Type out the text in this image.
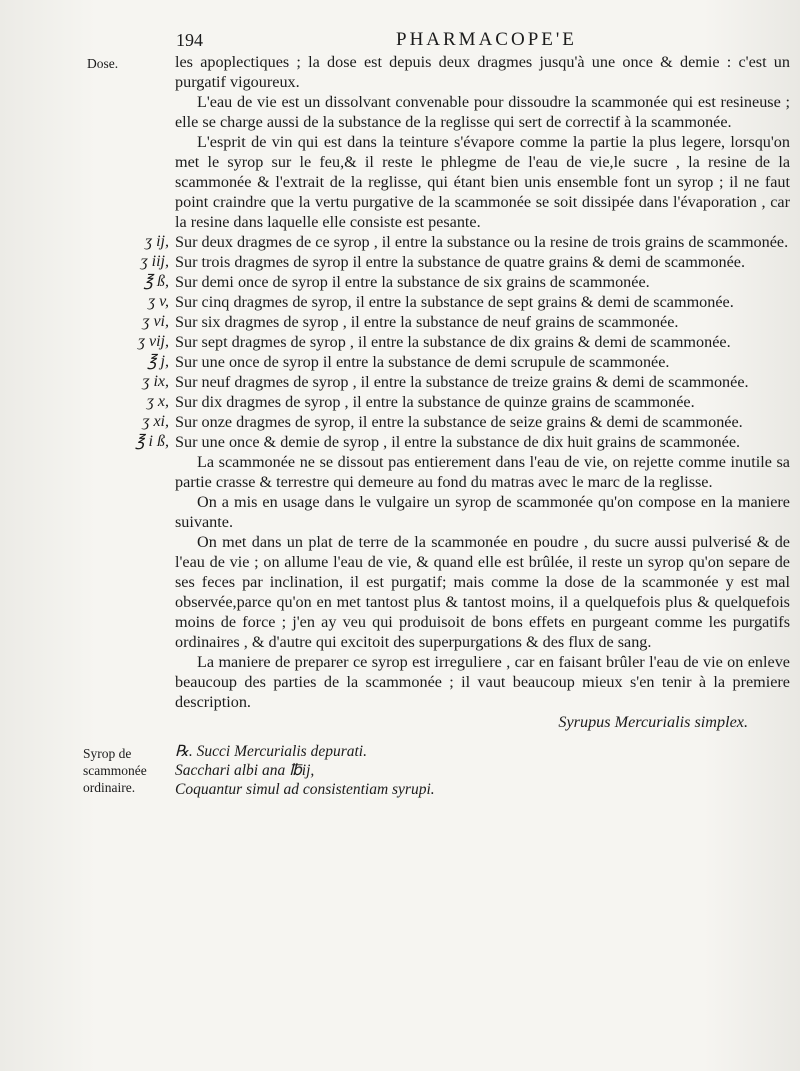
194	PHARMACOPE'E
Dose.
Syrop de scammonée ordinaire.

les apoplectiques ; la dose est depuis deux dragmes jusqu'à une once & demie : c'est un purgatif vigoureux.

L'eau de vie est un dissolvant convenable pour dissoudre la scammonée qui est resineuse ; elle se charge aussi de la substance de la reglisse qui sert de correctif à la scammonée.

L'esprit de vin qui est dans la teinture s'évapore comme la partie la plus legere, lorsqu'on met le syrop sur le feu,& il reste le phlegme de l'eau de vie,le sucre , la resine de la scammonée & l'extrait de la reglisse, qui étant bien unis ensemble font un syrop ; il ne faut point craindre que la vertu purgative de la scammonée se soit dissipée dans l'évaporation , car la resine dans laquelle elle consiste est pesante.

ʒ ij, Sur deux dragmes de ce syrop , il entre la substance ou la resine de trois grains de scammonée.

ʒ iij, Sur trois dragmes de syrop il entre la substance de quatre grains & demi de scammonée.

℥ ß, Sur demi once de syrop il entre la substance de six grains de scammonée.

ʒ v, Sur cinq dragmes de syrop, il entre la substance de sept grains & demi de scammonée.

ʒ vi, Sur six dragmes de syrop , il entre la substance de neuf grains de scammonée.

ʒ vij, Sur sept dragmes de syrop , il entre la substance de dix grains & demi de scammonée.

℥ j, Sur une once de syrop il entre la substance de demi scrupule de scammonée.

ʒ ix, Sur neuf dragmes de syrop , il entre la substance de treize grains & demi de scammonée.

ʒ x, Sur dix dragmes de syrop , il entre la substance de quinze grains de scammonée.

ʒ xi, Sur onze dragmes de syrop, il entre la substance de seize grains & demi de scammonée.

℥ i ß, Sur une once & demie de syrop , il entre la substance de dix huit grains de scammonée.

La scammonée ne se dissout pas entierement dans l'eau de vie, on rejette comme inutile sa partie crasse & terrestre qui demeure au fond du matras avec le marc de la reglisse.

On a mis en usage dans le vulgaire un syrop de scammonée qu'on compose en la maniere suivante.

On met dans un plat de terre de la scammonée en poudre , du sucre aussi pulverisé & de l'eau de vie ; on allume l'eau de vie, & quand elle est brûlée, il reste un syrop qu'on separe de ses feces par inclination, il est purgatif; mais comme la dose de la scammonée y est mal observée,parce qu'on en met tantost plus & tantost moins, il a quelquefois plus & quelquefois moins de force ; j'en ay veu qui produisoit de bons effets en purgeant comme les purgatifs ordinaires , & d'autre qui excitoit des superpurgations & des flux de sang.

La maniere de preparer ce syrop est irreguliere , car en faisant brûler l'eau de vie on enleve beaucoup des parties de la scammonée ; il vaut beaucoup mieux s'en tenir à la premiere description.

Syrupus Mercurialis simplex.

℞. Succi Mercurialis depurati.
Sacchari albi ana ℔ij,
Coquantur simul ad consistentiam syrupi.
